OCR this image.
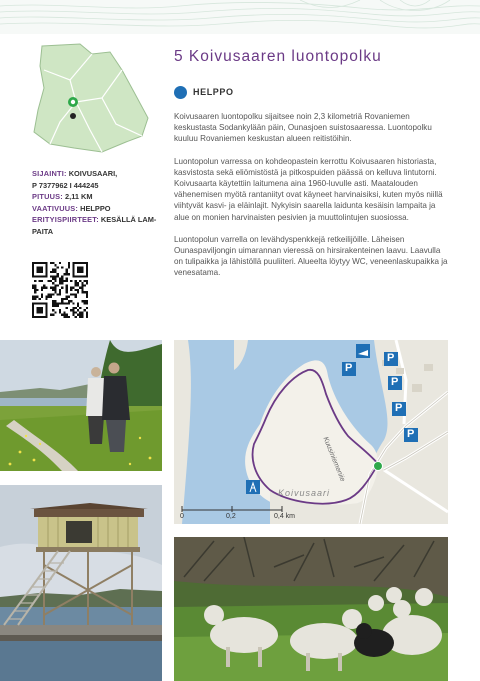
SIJAINTI: KOIVUSAARI,
P 7377962 I 444245
PITUUS: 2,11 KM
VAATIVUUS: HELPPO
ERITYISPIIRTEET: KESÄLLÄ LAM-
PAITA
5 Koivusaaren luontopolku
HELPPO

Koivusaaren luontopolku sijaitsee noin 2,3 kilometriä Rovaniemen keskustasta Sodankylään päin, Ounasjoen suistosaaressa. Luontopolku kuuluu Rovaniemen keskustan alueen reitistöihin.

Luontopolun varressa on kohdeopastein kerrottu Koivusaaren historiasta, kasvistosta sekä eliömistöstä ja pitkospuiden päässä on kelluva lintutorni. Koivusaarta käytettiin laitumena aina 1960-luvulle asti. Maatalouden vähenemisen myötä rantaniityt ovat käyneet harvinaisiksi, kuten myös niillä viihtyvät kasvi- ja eläinlajit. Nykyisin saarella laidunta kesäisin lampaita ja alue on monien harvinaisten pesivien ja muuttolintujen suosiossa.

Luontopolun varrella on levähdyspenkkejä retkeilijöille. Läheisen Ounaspaviljongin uimarannan vieressä on hirsirakenteinen laavu. Laavulla on tulipaikka ja lähistöllä puuliiteri. Alueelta löytyy WC, veneenlaskupaikka ja venesatama.

P
P
P
P
P
Kuusiniemeniie
Koivusaari
0	0,2	0,4 km
